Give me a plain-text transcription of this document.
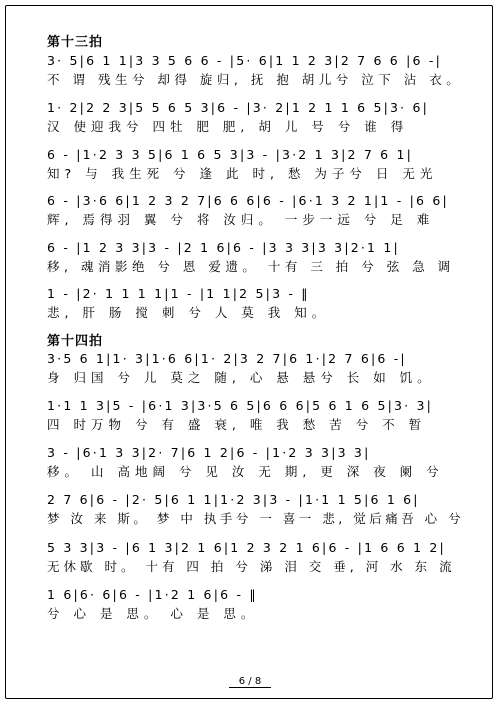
第十三拍
3· 5|6 1 1|3 3 5 6 6 - |5· 6|1 1 2 3|2 7 6 6 |6 -|
不 谓 残生兮 却得 旋归, 抚 抱 胡儿兮 泣下 沾 衣。
1· 2|2 2 3|5 5 6 5 3|6 - |3· 2|1 2 1 1 6 5|3· 6|
汉 使迎我兮 四牡 肥 肥, 胡 儿 号 兮 谁 得
6 - |1·2 3 3 5|6 1 6 5 3|3 - |3·2 1 3|2 7 6 1|
知? 与 我生死 兮 逢 此 时, 愁 为子兮 日 无光
6 - |3·6 6|1 2 3 2 7|6 6 6|6 - |6·1 3 2 1|1 - |6 6|
辉, 焉得羽 翼 兮 将 汝归。 一步一远 兮 足 难
6 - |1 2 3 3|3 - |2 1 6|6 - |3 3 3|3 3|2·1 1|
移, 魂消影绝 兮 恩 爱遗。 十有 三 拍 兮 弦 急 调
1 - |2· 1 1 1 1|1 - |1 1|2 5|3 - ‖
悲, 肝 肠 搅 刺 兮 人 莫 我 知。
第十四拍
3·5 6 1|1· 3|1·6 6|1· 2|3 2 7|6 1·|2 7 6|6 -|
身 归国 兮 儿 莫之 随, 心 悬 悬兮 长 如 饥。
1·1 1 3|5 - |6·1 3|3·5 6 5|6 6 6|5 6 1 6 5|3· 3|
四 时万物 兮 有 盛 衰, 唯 我 愁 苦 兮 不 暂
3 - |6·1 3 3|2· 7|6 1 2|6 - |1·2 3 3|3 3|
移。 山 高地阔 兮 见 汝 无 期, 更 深 夜 阑 兮
2 7 6|6 - |2· 5|6 1 1|1·2 3|3 - |1·1 1 5|6 1 6|
梦 汝 来 斯。 梦 中 执手兮 一 喜一 悲, 觉后痛吾 心 兮
5 3 3|3 - |6 1 3|2 1 6|1 2 3 2 1 6|6 - |1 6 6 1 2|
无休歇 时。 十有 四 拍 兮 涕 泪 交 垂, 河 水 东 流
1 6|6· 6|6 - |1·2 1 6|6 - ‖
兮 心 是 思。 心 是 思。
6 / 8
